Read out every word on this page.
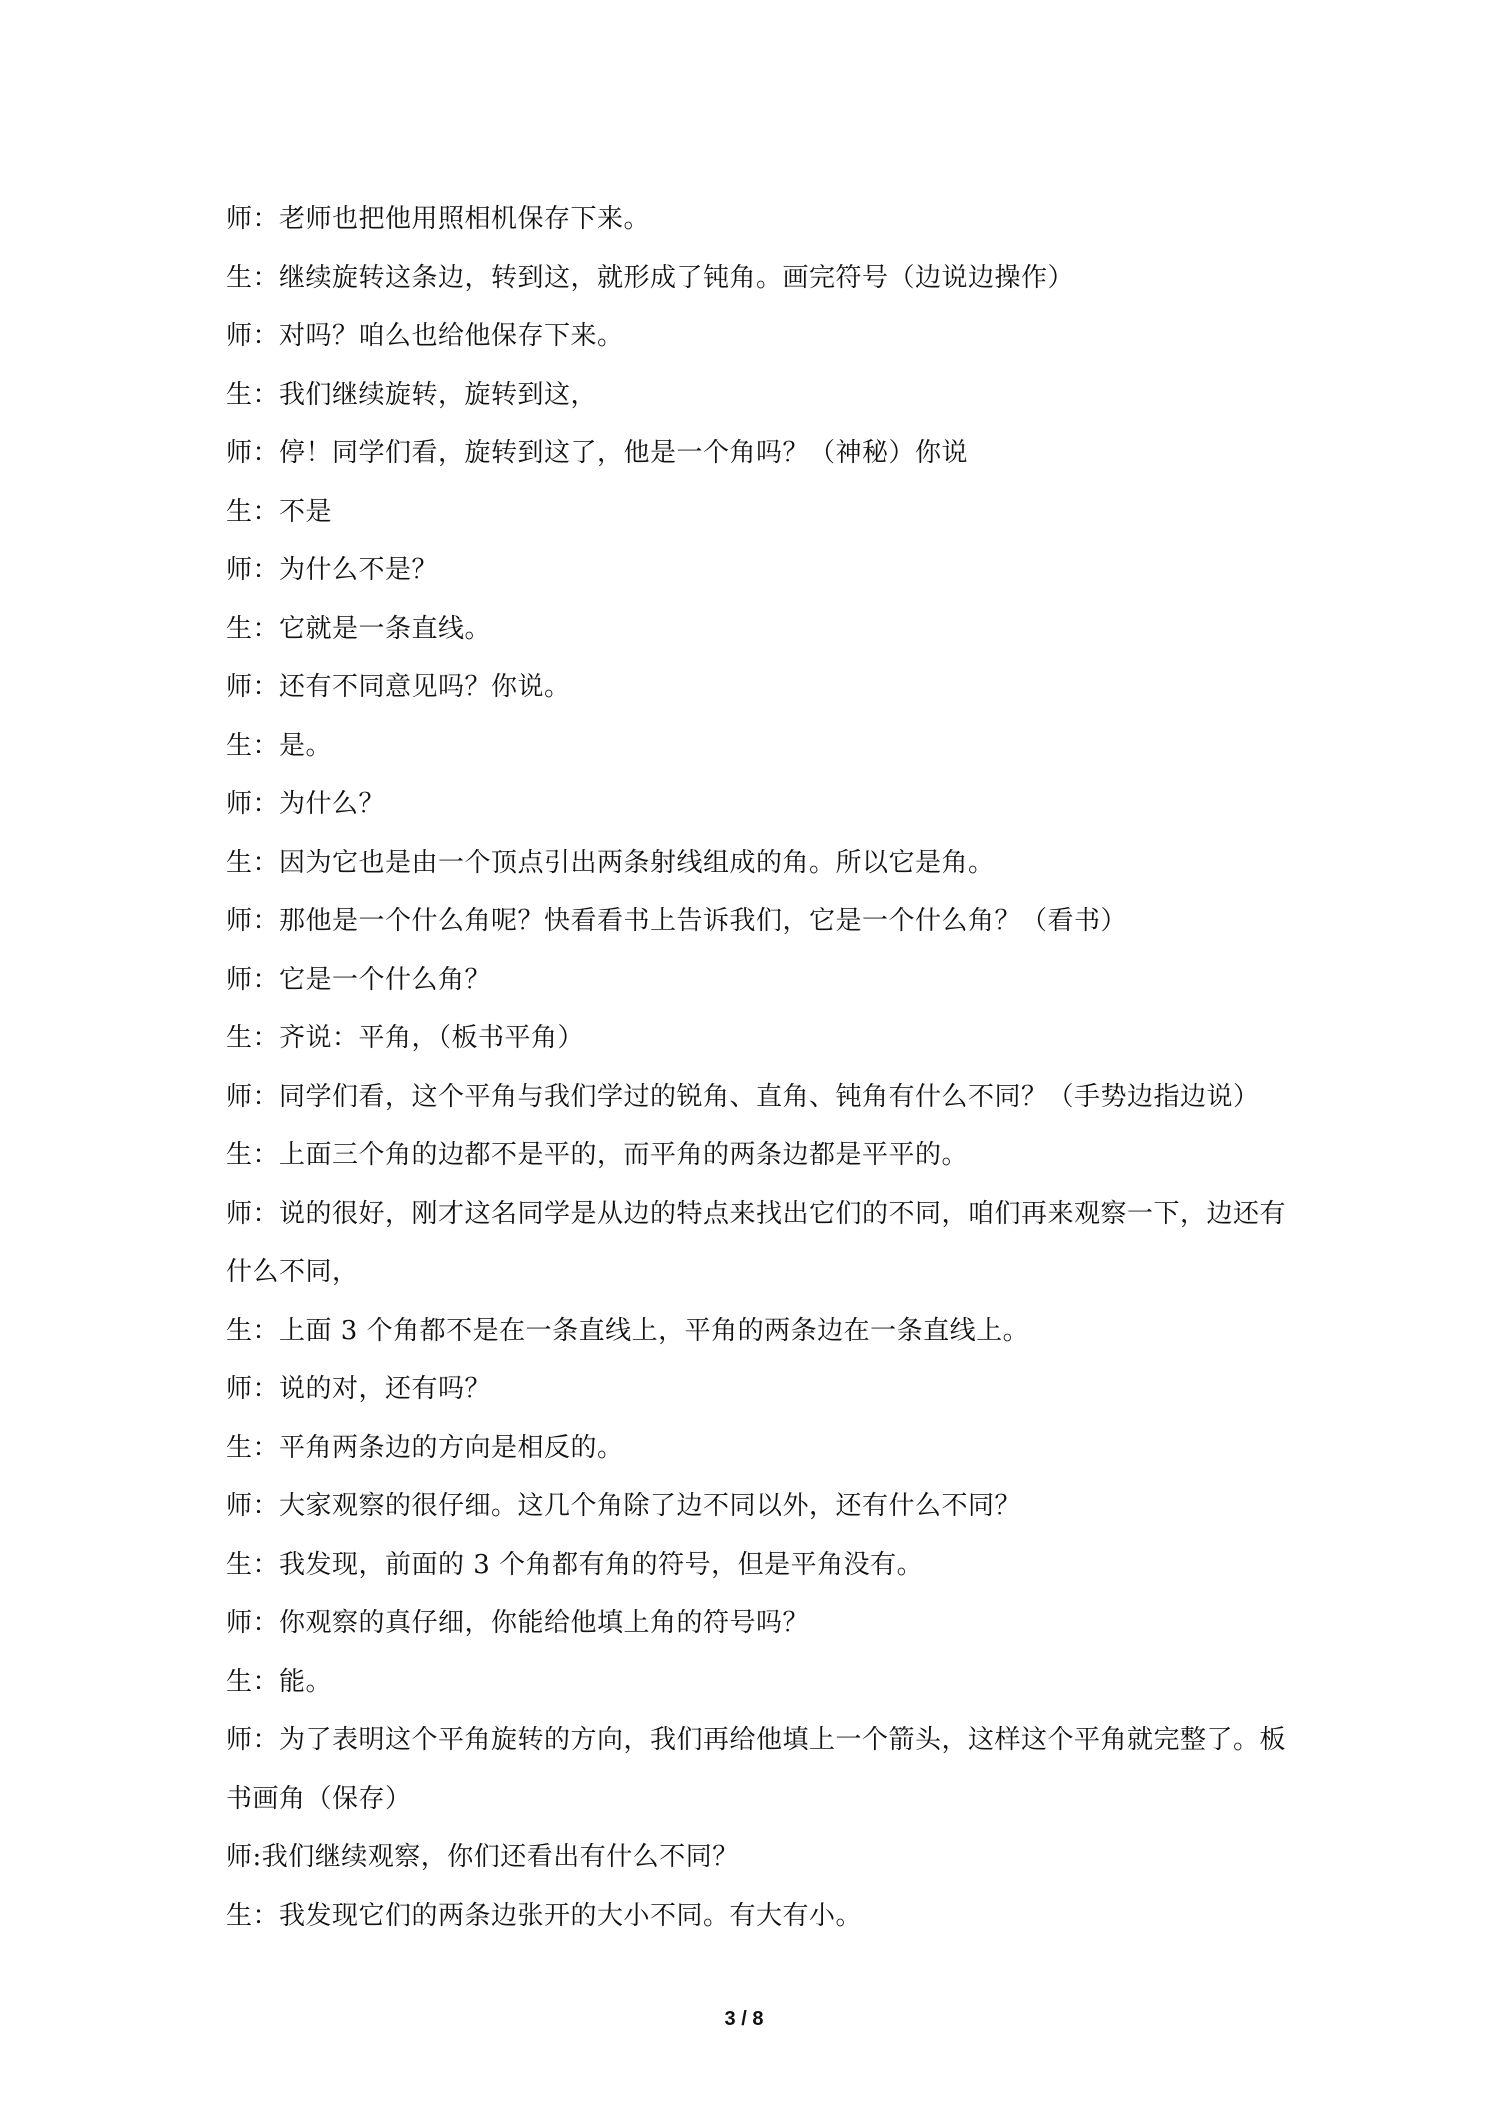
师：老师也把他用照相机保存下来。
生：继续旋转这条边，转到这，就形成了钝角。画完符号（边说边操作）
师：对吗？咱么也给他保存下来。
生：我们继续旋转，旋转到这，
师：停！同学们看，旋转到这了，他是一个角吗？（神秘）你说
生：不是
师：为什么不是？
生：它就是一条直线。
师：还有不同意见吗？你说。
生：是。
师：为什么？
生：因为它也是由一个顶点引出两条射线组成的角。所以它是角。
师：那他是一个什么角呢？快看看书上告诉我们，它是一个什么角？（看书）
师：它是一个什么角？
生：齐说：平角，（板书平角）
师：同学们看，这个平角与我们学过的锐角、直角、钝角有什么不同？（手势边指边说）
生：上面三个角的边都不是平的，而平角的两条边都是平平的。
师：说的很好，刚才这名同学是从边的特点来找出它们的不同，咱们再来观察一下，边还有
什么不同，
生：上面 3 个角都不是在一条直线上，平角的两条边在一条直线上。
师：说的对，还有吗？
生：平角两条边的方向是相反的。
师：大家观察的很仔细。这几个角除了边不同以外，还有什么不同？
生：我发现，前面的 3 个角都有角的符号，但是平角没有。
师：你观察的真仔细，你能给他填上角的符号吗？
生：能。
师：为了表明这个平角旋转的方向，我们再给他填上一个箭头，这样这个平角就完整了。板
书画角（保存）
师:我们继续观察，你们还看出有什么不同？
生：我发现它们的两条边张开的大小不同。有大有小。
3 / 8
